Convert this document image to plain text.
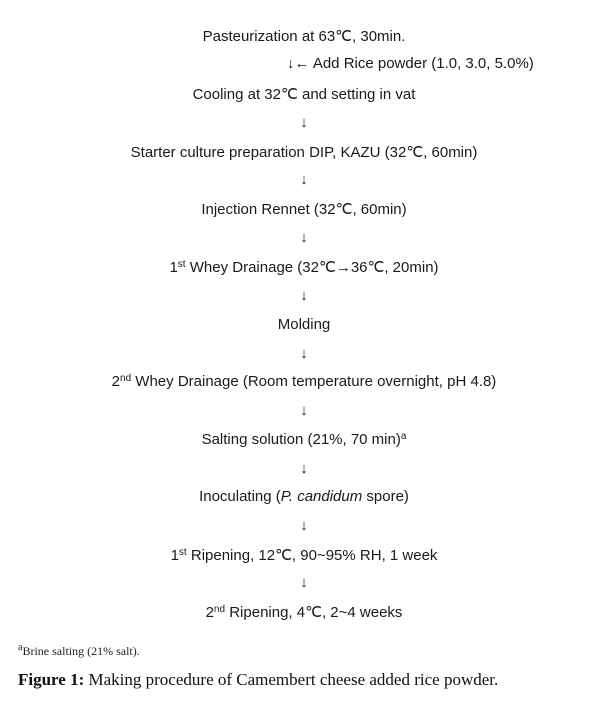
Pasteurization at 63℃, 30min.
↓← Add Rice powder (1.0, 3.0, 5.0%)
Cooling at 32℃ and setting in vat
↓
Starter culture preparation DIP, KAZU (32℃, 60min)
↓
Injection Rennet (32℃, 60min)
↓
1st Whey Drainage (32℃→36℃, 20min)
↓
Molding
↓
2nd Whey Drainage (Room temperature overnight, pH 4.8)
↓
Salting solution (21%, 70 min)$^a$
↓
Inoculating (P. candidum spore)
↓
1st Ripening, 12℃, 90~95% RH, 1 week
↓
2nd Ripening, 4℃, 2~4 weeks
$^a$Brine salting (21% salt).
Figure 1: Making procedure of Camembert cheese added rice powder.
